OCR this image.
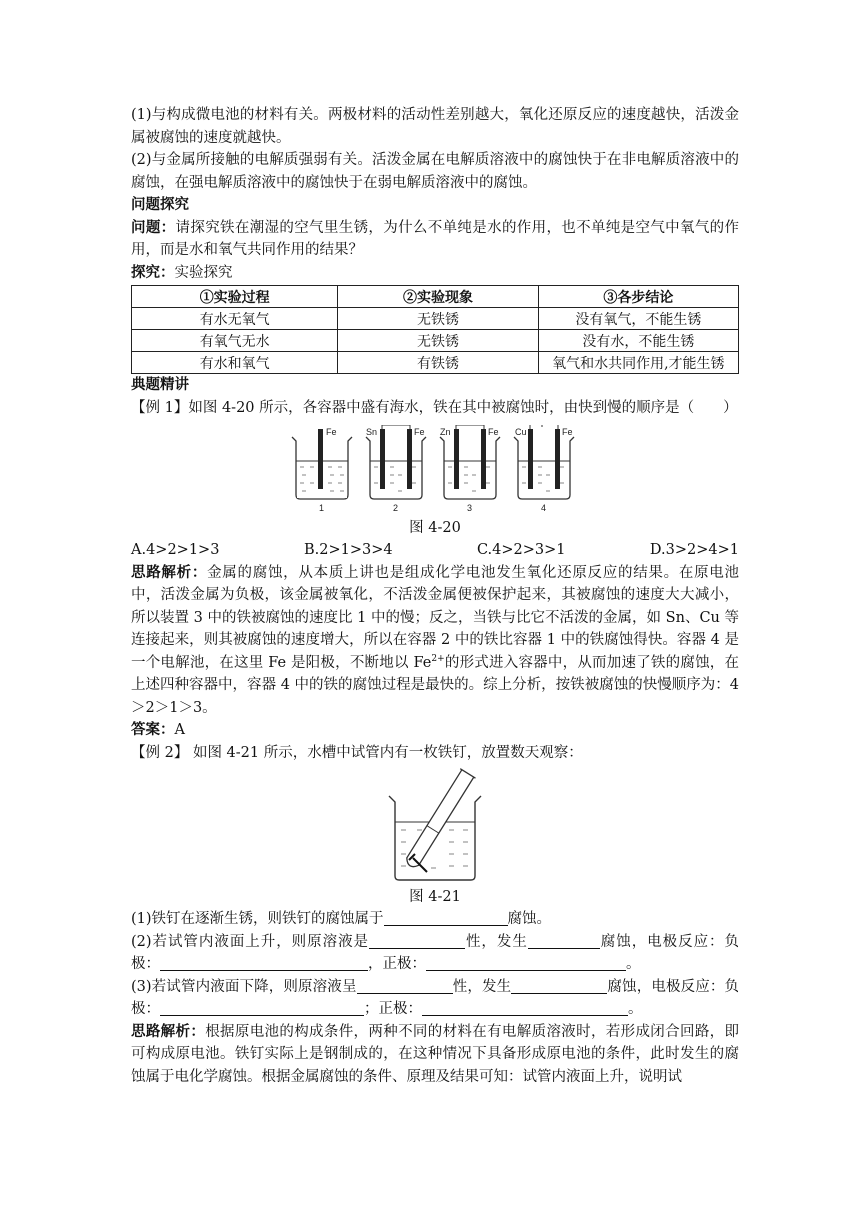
(1)与构成微电池的材料有关。两极材料的活动性差别越大，氧化还原反应的速度越快，活泼金属被腐蚀的速度就越快。

(2)与金属所接触的电解质强弱有关。活泼金属在电解质溶液中的腐蚀快于在非电解质溶液中的腐蚀，在强电解质溶液中的腐蚀快于在弱电解质溶液中的腐蚀。

问题探究

问题：请探究铁在潮湿的空气里生锈，为什么不单纯是水的作用，也不单纯是空气中氧气的作用，而是水和氧气共同作用的结果？

探究：实验探究

①实验过程	②实验现象	③各步结论
有水无氧气	无铁锈	没有氧气，不能生锈
有氧气无水	无铁锈	没有水，不能生锈
有水和氧气	有铁锈	氧气和水共同作用,才能生锈

典题精讲

【例 1】如图 4-20 所示，各容器中盛有海水，铁在其中被腐蚀时，由快到慢的顺序是（　　）

Fe
1
Sn	Fe
2
Zn	Fe
3
Cu	Fe
4

图 4-20

A.4>2>1>3	B.2>1>3>4	C.4>2>3>1	D.3>2>4>1

思路解析：金属的腐蚀，从本质上讲也是组成化学电池发生氧化还原反应的结果。在原电池中，活泼金属为负极，该金属被氧化，不活泼金属便被保护起来，其被腐蚀的速度大大减小，所以装置 3 中的铁被腐蚀的速度比 1 中的慢；反之，当铁与比它不活泼的金属，如 Sn、Cu 等连接起来，则其被腐蚀的速度增大，所以在容器 2 中的铁比容器 1 中的铁腐蚀得快。容器 4 是一个电解池，在这里 Fe 是阳极，不断地以 $Fe^{2+}$的形式进入容器中，从而加速了铁的腐蚀，在上述四种容器中，容器 4 中的铁的腐蚀过程是最快的。综上分析，按铁被腐蚀的快慢顺序为：4＞2＞1＞3。

答案：A

【例 2】 如图 4-21 所示，水槽中试管内有一枚铁钉，放置数天观察：

图 4-21

(1)铁钉在逐渐生锈，则铁钉的腐蚀属于	腐蚀。

(2)若试管内液面上升，则原溶液是	性，发生	腐蚀，电极反应：负极：	，正极：	。

(3)若试管内液面下降，则原溶液呈	性，发生	腐蚀，电极反应：负极：	；正极：	。

思路解析：根据原电池的构成条件，两种不同的材料在有电解质溶液时，若形成闭合回路，即可构成原电池。铁钉实际上是钢制成的，在这种情况下具备形成原电池的条件，此时发生的腐蚀属于电化学腐蚀。根据金属腐蚀的条件、原理及结果可知：试管内液面上升，说明试
